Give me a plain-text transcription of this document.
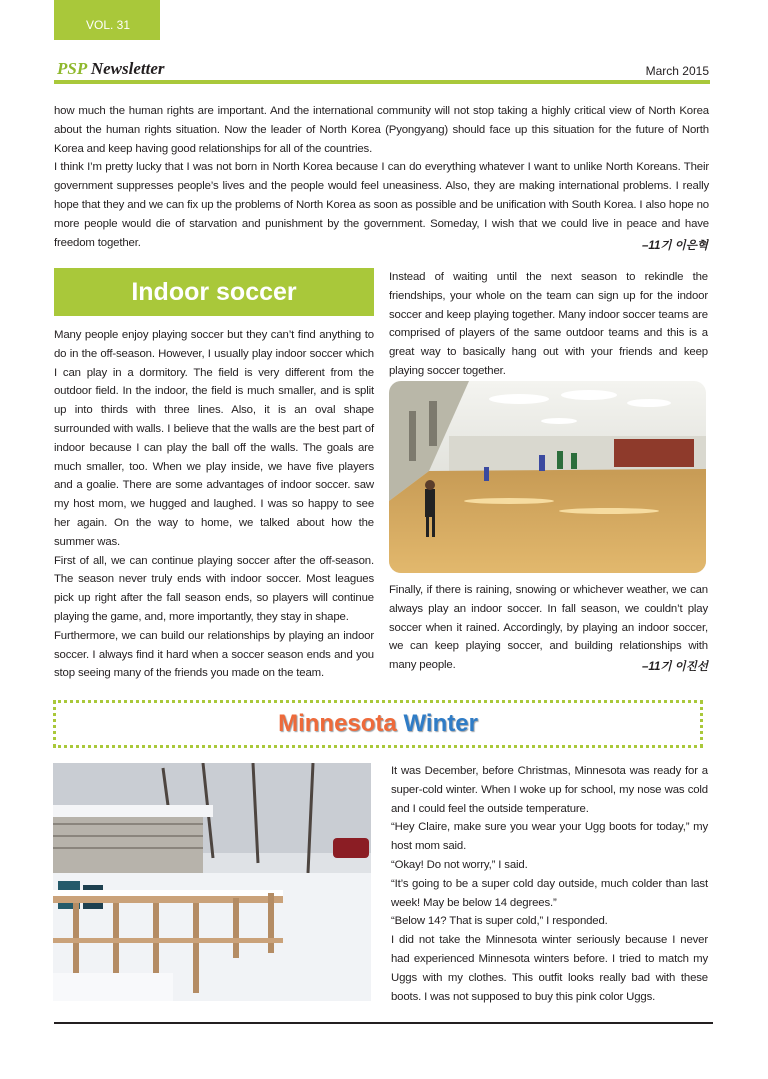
VOL. 31
PSP Newsletter	March 2015

how much the human rights are important. And the international community will not stop taking a highly critical view of North Korea about the human rights situation. Now the leader of North Korea (Pyongyang) should face up this situation for the future of North Korea and keep having good relationships for all of the countries.

I think I’m pretty lucky that I was not born in North Korea because I can do everything whatever I want to unlike North Koreans. Their government suppresses people’s lives and the people would feel uneasiness. Also, they are making international problems. I really hope that they and we can fix up the problems of North Korea as soon as possible and be unification with South Korea. I also hope no more people would die of starvation and punishment by the government. Someday, I wish that we could live in peace and have freedom together.	–11기 이은혁
Indoor soccer

Many people enjoy playing soccer but they can’t find anything to do in the off-season. However, I usually play indoor soccer which I can play in a dormitory. The field is very different from the outdoor field. In the indoor, the field is much smaller, and is split up into thirds with three lines. Also, it is an oval shape surrounded with walls. I believe that the walls are the best part of indoor because I can play the ball off the walls. The goals are much smaller, too. When we play inside, we have five players and a goalie. There are some advantages of indoor soccer. saw my host mom, we hugged and laughed. I was so happy to see her again. On the way to home, we talked about how the summer was.

First of all, we can continue playing soccer after the off-season. The season never truly ends with indoor soccer. Most leagues pick up right after the fall season ends, so players will continue playing the game, and, more importantly, they stay in shape.

Furthermore, we can build our relationships by playing an indoor soccer. I always find it hard when a soccer season ends and you stop seeing many of the friends you made on the team.

Instead of waiting until the next season to rekindle the friendships, your whole on the team can sign up for the indoor soccer and keep playing together. Many indoor soccer teams are comprised of players of the same outdoor teams and this is a great way to basically hang out with your friends and keep playing soccer together.

Finally, if there is raining, snowing or whichever weather, we can always play an indoor soccer. In fall season, we couldn’t play soccer when it rained. Accordingly, by playing an indoor soccer, we can keep playing soccer, and building relationships with many people.	–11기 이진선
Minnesota Winter

It was December, before Christmas, Minnesota was ready for a super-cold winter. When I woke up for school, my nose was cold and I could feel the outside temperature.

“Hey Claire, make sure you wear your Ugg boots for today,” my host mom said.

“Okay! Do not worry,” I said.

“It’s going to be a super cold day outside, much colder than last week! May be below 14 degrees.”

“Below 14? That is super cold,” I responded.

I did not take the Minnesota winter seriously because I never had experienced Minnesota winters before. I tried to match my Uggs with my clothes. This outfit looks really bad with these boots. I was not supposed to buy this pink color Uggs.
